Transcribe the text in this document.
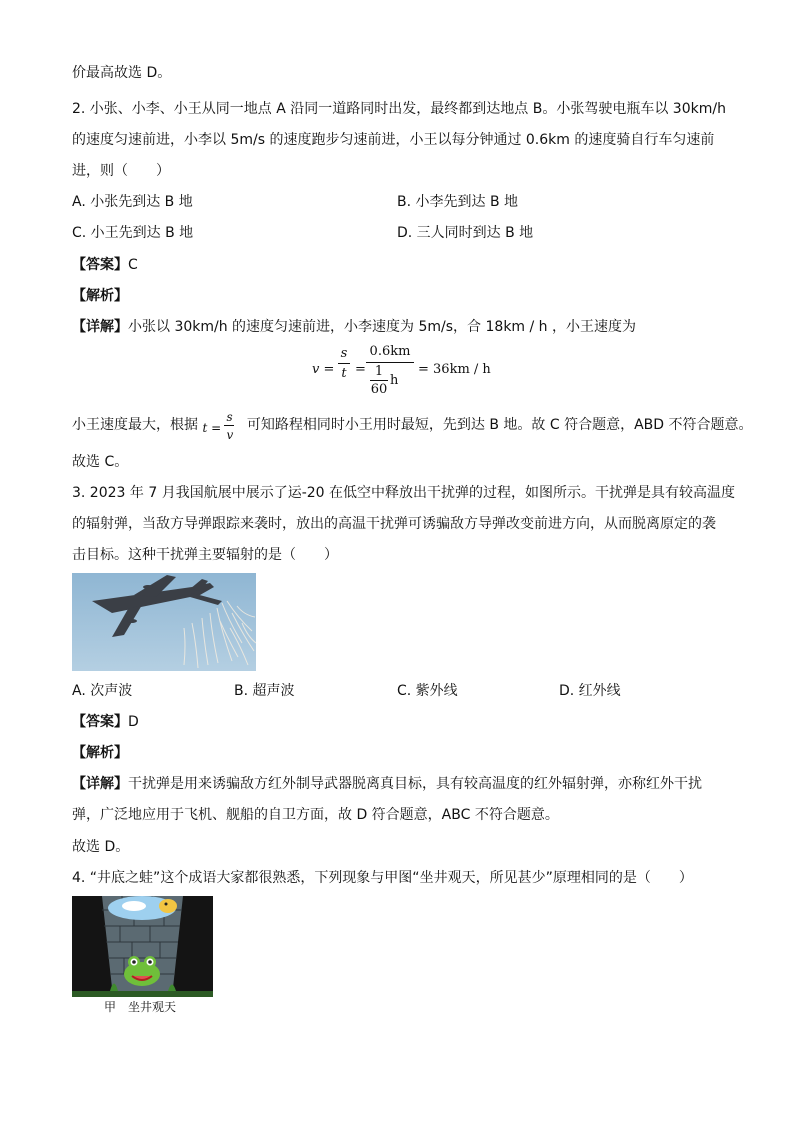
价最高故选 D。
2. 小张、小李、小王从同一地点 A 沿同一道路同时出发，最终都到达地点 B。小张驾驶电瓶车以 30km/h
的速度匀速前进，小李以 5m/s 的速度跑步匀速前进，小王以每分钟通过 0.6km 的速度骑自行车匀速前
进，则（　　）
A. 小张先到达 B 地	B. 小李先到达 B 地
C. 小王先到达 B 地	D. 三人同时到达 B 地
【答案】C
【解析】
【详解】小张以 30km/h 的速度匀速前进，小李速度为 5m/s，合 18km / h ，小王速度为
v =
s
t =
0.6km
1
60
h
= 36km / h
小王速度最大，根据 t =
s
v
可知路程相同时小王用时最短，先到达 B 地。故 C 符合题意，ABD 不符合题意。
故选 C。
3. 2023 年 7 月我国航展中展示了运-20 在低空中释放出干扰弹的过程，如图所示。干扰弹是具有较高温度
的辐射弹，当敌方导弹跟踪来袭时，放出的高温干扰弹可诱骗敌方导弹改变前进方向，从而脱离原定的袭
击目标。这种干扰弹主要辐射的是（　　）
A. 次声波	B. 超声波	C. 紫外线	D. 红外线
【答案】D
【解析】
【详解】干扰弹是用来诱骗敌方红外制导武器脱离真目标，具有较高温度的红外辐射弹，亦称红外干扰
弹，广泛地应用于飞机、舰船的自卫方面，故 D 符合题意，ABC 不符合题意。
故选 D。
4. “井底之蛙”这个成语大家都很熟悉，下列现象与甲图“坐井观天，所见甚少”原理相同的是（　　）
甲　坐井观天
